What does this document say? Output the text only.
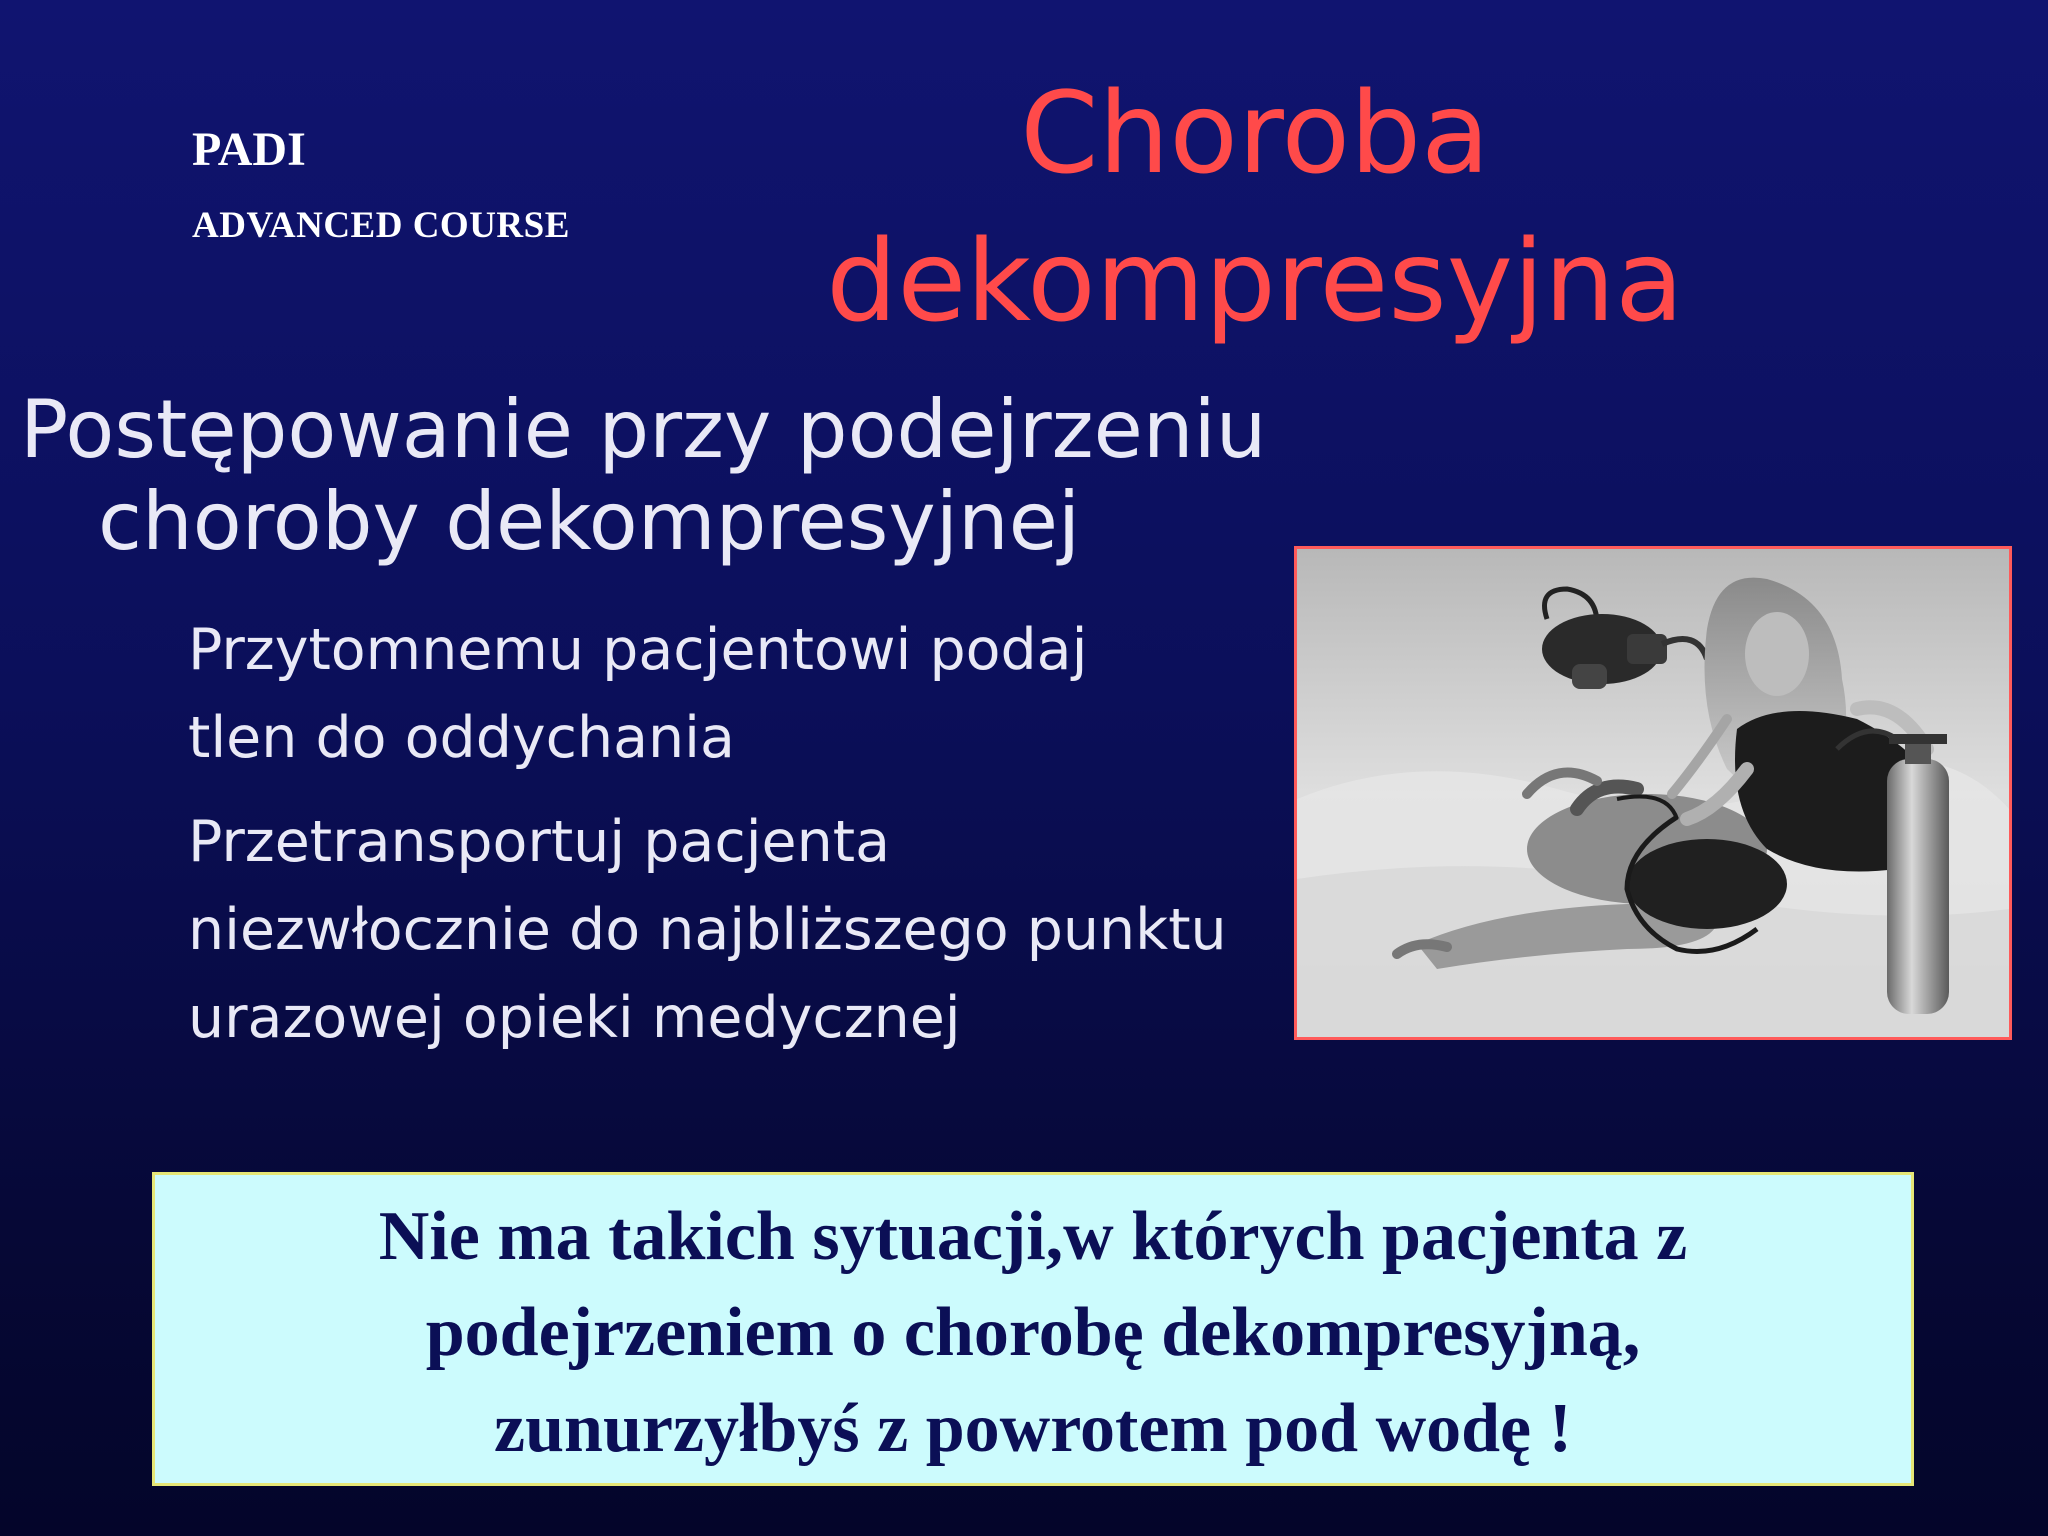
PADI
ADVANCED COURSE
Choroba
dekompresyjna
Postępowanie przy podejrzeniu
choroby dekompresyjnej
Przytomnemu pacjentowi podaj
tlen do oddychania
Przetransportuj pacjenta
niezwłocznie do najbliższego punktu
urazowej opieki medycznej
Nie ma takich sytuacji,w których pacjenta z
podejrzeniem o chorobę dekompresyjną,
zunurzyłbyś z powrotem pod wodę !
